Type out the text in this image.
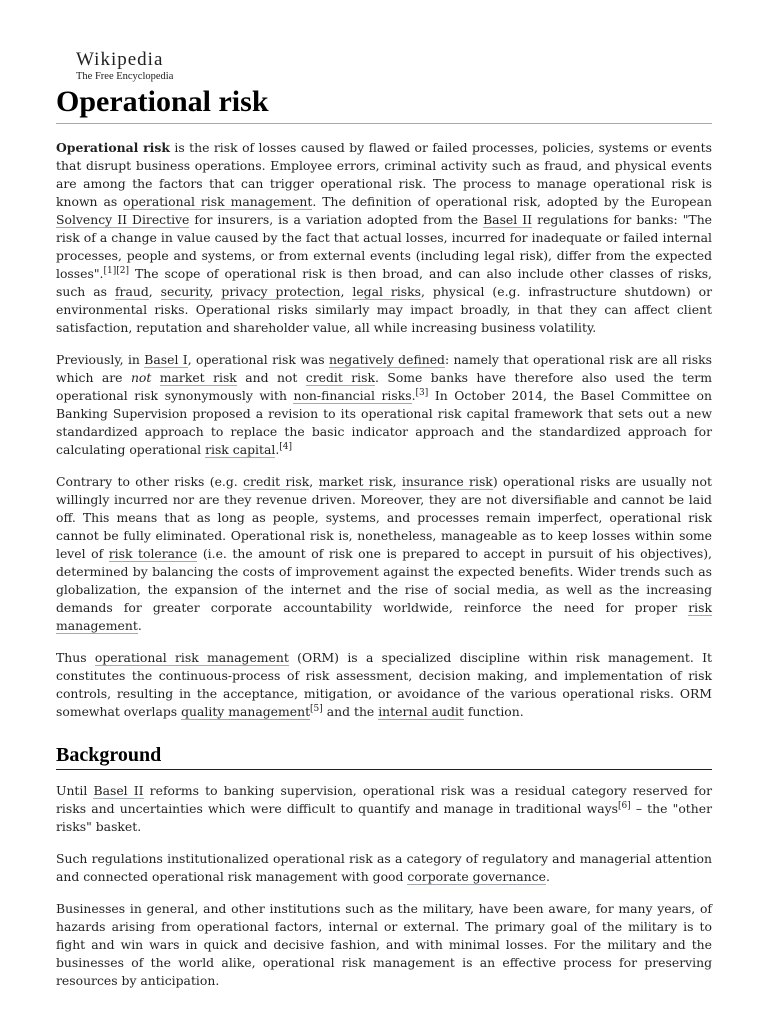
Wikipedia
The Free Encyclopedia
Operational risk

Operational risk is the risk of losses caused by flawed or failed processes, policies, systems or events that disrupt business operations. Employee errors, criminal activity such as fraud, and physical events are among the factors that can trigger operational risk. The process to manage operational risk is known as operational risk management. The definition of operational risk, adopted by the European Solvency II Directive for insurers, is a variation adopted from the Basel II regulations for banks: "The risk of a change in value caused by the fact that actual losses, incurred for inadequate or failed internal processes, people and systems, or from external events (including legal risk), differ from the expected losses".[1][2] The scope of operational risk is then broad, and can also include other classes of risks, such as fraud, security, privacy protection, legal risks, physical (e.g. infrastructure shutdown) or environmental risks. Operational risks similarly may impact broadly, in that they can affect client satisfaction, reputation and shareholder value, all while increasing business volatility.

Previously, in Basel I, operational risk was negatively defined: namely that operational risk are all risks which are not market risk and not credit risk. Some banks have therefore also used the term operational risk synonymously with non-financial risks.[3] In October 2014, the Basel Committee on Banking Supervision proposed a revision to its operational risk capital framework that sets out a new standardized approach to replace the basic indicator approach and the standardized approach for calculating operational risk capital.[4]

Contrary to other risks (e.g. credit risk, market risk, insurance risk) operational risks are usually not willingly incurred nor are they revenue driven. Moreover, they are not diversifiable and cannot be laid off. This means that as long as people, systems, and processes remain imperfect, operational risk cannot be fully eliminated. Operational risk is, nonetheless, manageable as to keep losses within some level of risk tolerance (i.e. the amount of risk one is prepared to accept in pursuit of his objectives), determined by balancing the costs of improvement against the expected benefits. Wider trends such as globalization, the expansion of the internet and the rise of social media, as well as the increasing demands for greater corporate accountability worldwide, reinforce the need for proper risk management.

Thus operational risk management (ORM) is a specialized discipline within risk management. It constitutes the continuous-process of risk assessment, decision making, and implementation of risk controls, resulting in the acceptance, mitigation, or avoidance of the various operational risks. ORM somewhat overlaps quality management[5] and the internal audit function.

Background

Until Basel II reforms to banking supervision, operational risk was a residual category reserved for risks and uncertainties which were difficult to quantify and manage in traditional ways[6] – the "other risks" basket.

Such regulations institutionalized operational risk as a category of regulatory and managerial attention and connected operational risk management with good corporate governance.

Businesses in general, and other institutions such as the military, have been aware, for many years, of hazards arising from operational factors, internal or external. The primary goal of the military is to fight and win wars in quick and decisive fashion, and with minimal losses. For the military and the businesses of the world alike, operational risk management is an effective process for preserving resources by anticipation.
